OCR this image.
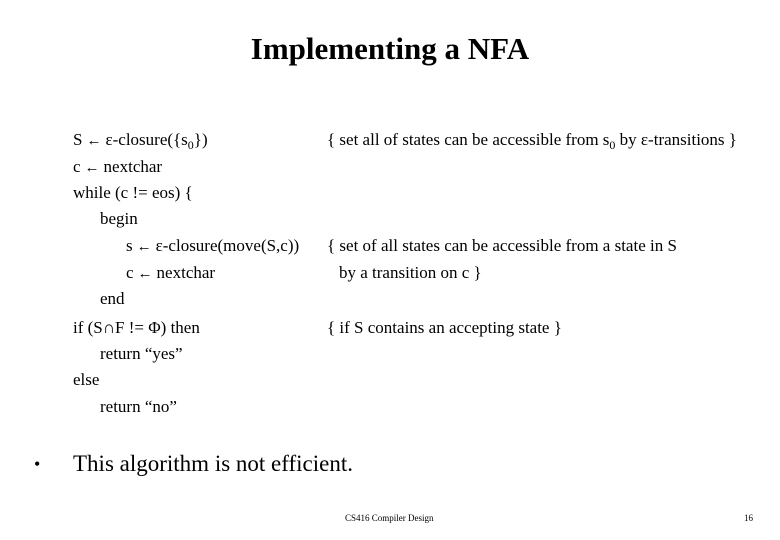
Implementing a NFA
S ← $\varepsilon-closure(\{s_0\})$	{ set all of states can be accessible from $s_0$ by ε-transitions }
c ← nextchar
while (c != eos) {
begin
s ← ε-closure(move(S,c)) { set of all states can be accessible from a state in S
c ← nextchar	by a transition on c }
end
if (S∩F != Φ) then	{ if S contains an accepting state }
return “yes”
else
return “no”
• This algorithm is not efficient.
CS416 Compiler Design	16
